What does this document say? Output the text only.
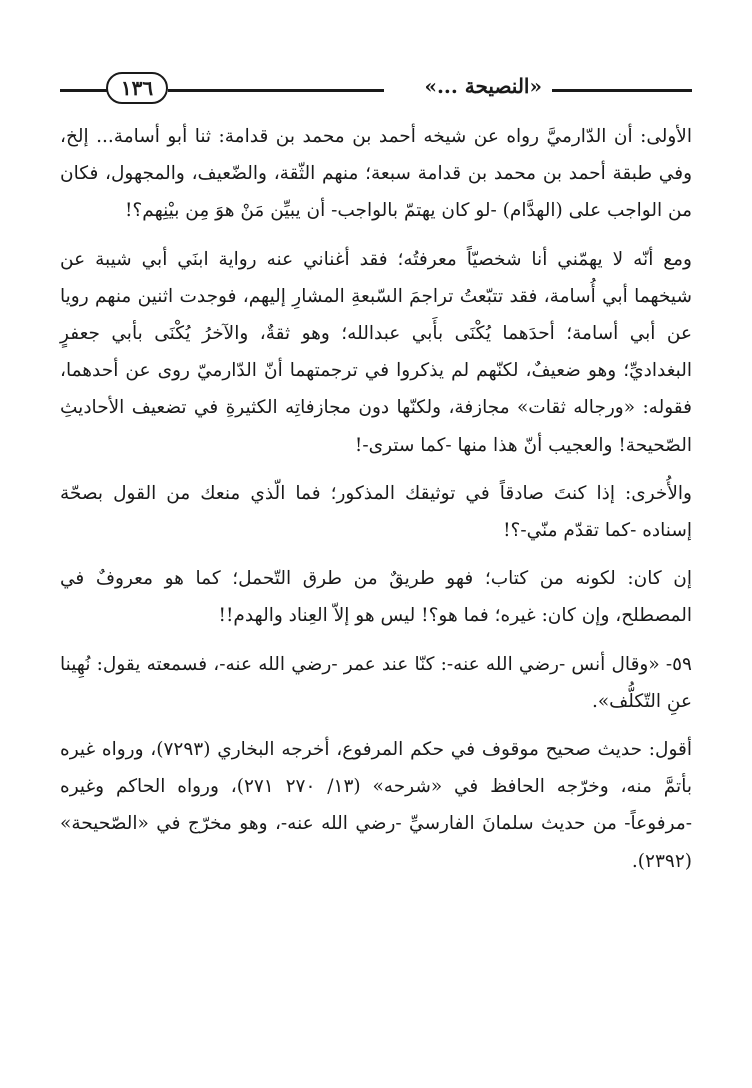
«النصيحة ...»
١٣٦

الأولى: أن الدّارميَّ رواه عن شيخه أحمد بن محمد بن قدامة: ثنا أبو أسامة... إلخ، وفي طبقة أحمد بن محمد بن قدامة سبعة؛ منهم الثّقة، والضّعيف، والمجهول، فكان من الواجب على (الهدَّام) -لو كان يهتمّ بالواجب- أن يبيِّن مَنْ هوَ مِن بيْنِهم؟!

ومع أنّه لا يهمّني أنا شخصيّاً معرفتُه؛ فقد أغناني عنه رواية ابنَي أبي شيبة عن شيخهما أبي أُسامة، فقد تتبّعتُ تراجمَ السّبعةِ المشارِ إليهم، فوجدت اثنين منهم رويا عن أبي أسامة؛ أحدَهما يُكْنَى بأَبي عبدالله؛ وهو ثقةٌ، والآخرُ يُكْنَى بأبي جعفرٍ البغداديِّ؛ وهو ضعيفٌ، لكنّهم لم يذكروا في ترجمتهما أنّ الدّارميّ روى عن أحدهما، فقوله: «ورجاله ثقات» مجازفة، ولكنّها دون مجازفاتِه الكثيرةِ في تضعيف الأحاديثِ الصّحيحة! والعجيب أنّ هذا منها -كما سترى-!

والأُخرى: إذا كنتَ صادقاً في توثيقك المذكور؛ فما الّذي منعك من القول بصحّة إسناده -كما تقدّم منّي-؟!

إن كان: لكونه من كتاب؛ فهو طريقٌ من طرق التّحمل؛ كما هو معروفٌ في المصطلح، وإن كان: غيره؛ فما هو؟! ليس هو إلاّ العِناد والهدم!!

٥٩- «وقال أنس -رضي الله عنه-: كنّا عند عمر -رضي الله عنه-، فسمعته يقول: نُهِينا عنِ التّكلُّف».

أقول: حديث صحيح موقوف في حكم المرفوع، أخرجه البخاري (٧٢٩٣)، ورواه غيره بأتمَّ منه، وخرّجه الحافظ في «شرحه» (١٣/ ٢٧٠ ٢٧١)، ورواه الحاكم وغيره -مرفوعاً- من حديث سلمانَ الفارسيِّ -رضي الله عنه-، وهو مخرّج في «الصّحيحة» (٢٣٩٢).
